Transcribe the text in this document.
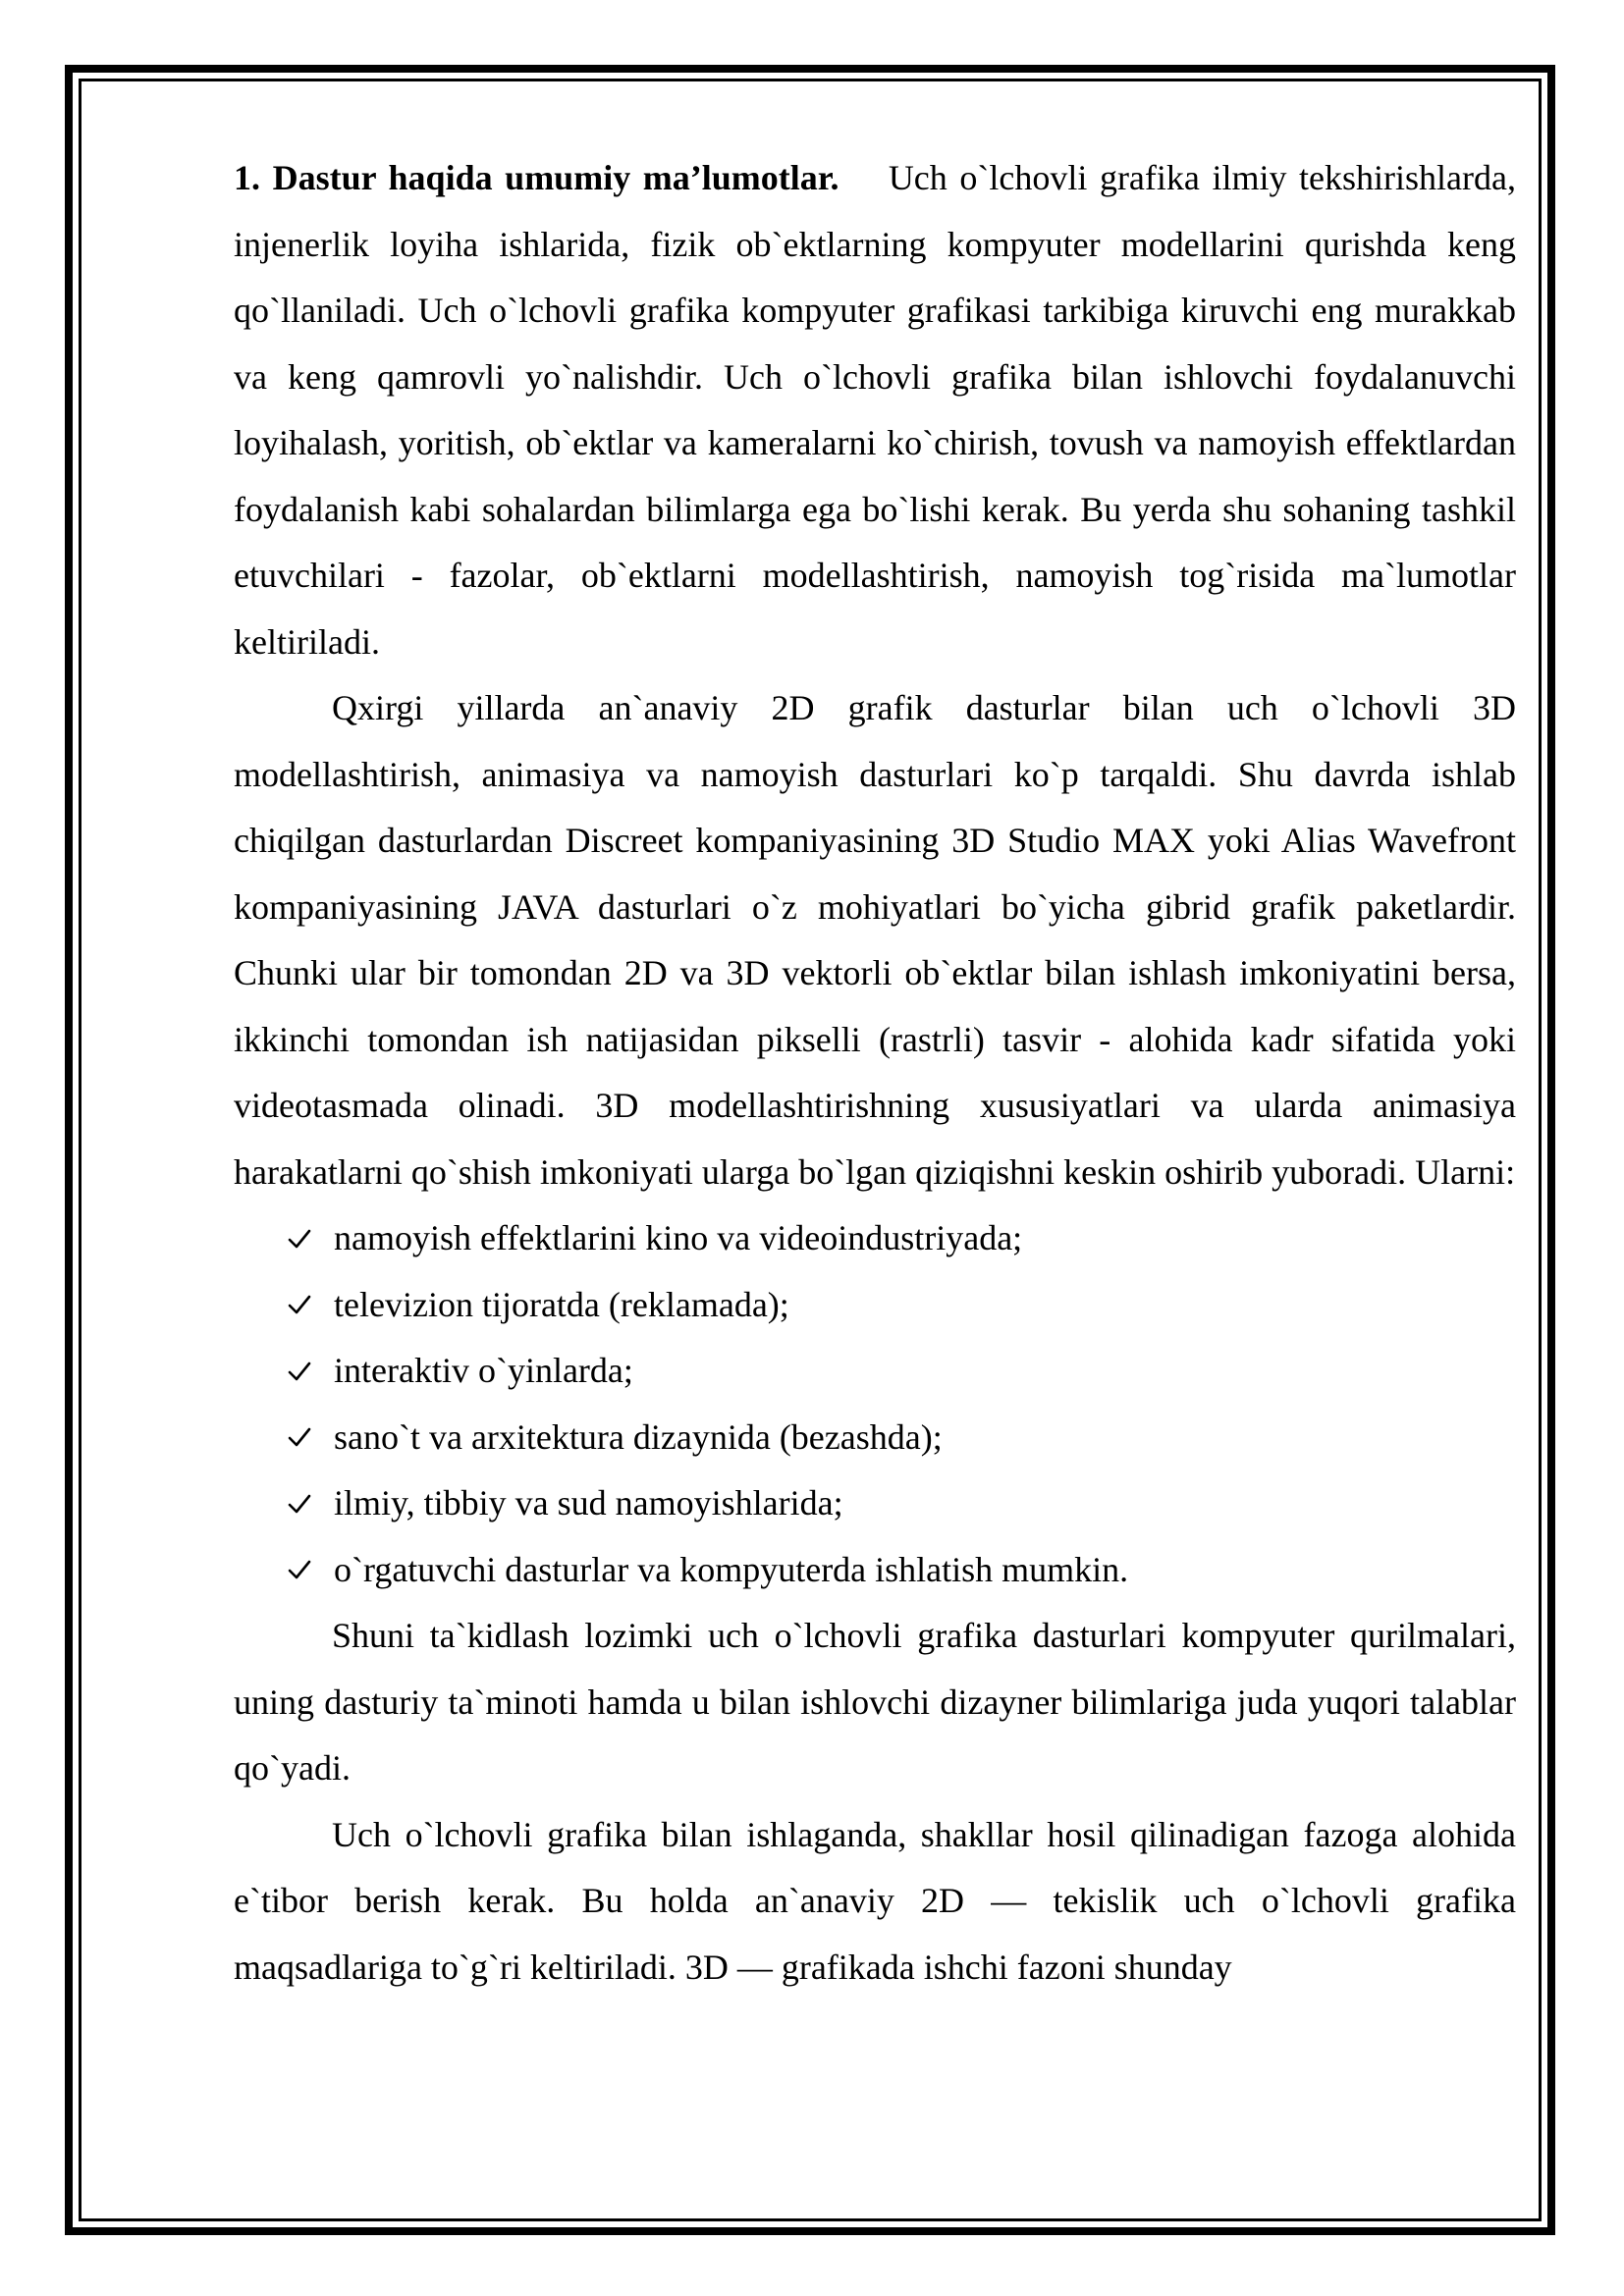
1. Dastur haqida umumiy ma’lumotlar. Uch o`lchovli grafika ilmiy tekshirishlarda, injenerlik loyiha ishlarida, fizik ob`ektlarning kompyuter modellarini qurishda keng qo`llaniladi. Uch o`lchovli grafika kompyuter grafikasi tarkibiga kiruvchi eng murakkab va keng qamrovli yo`nalishdir. Uch o`lchovli grafika bilan ishlovchi foydalanuvchi loyihalash, yoritish, ob`ektlar va kameralarni ko`chirish, tovush va namoyish effektlardan foydalanish kabi sohalardan bilimlarga ega bo`lishi kerak. Bu yerda shu sohaning tashkil etuvchilari - fazolar, ob`ektlarni modellashtirish, namoyish tog`risida ma`lumotlar keltiriladi.

Qxirgi yillarda an`anaviy 2D grafik dasturlar bilan uch o`lchovli 3D modellashtirish, animasiya va namoyish dasturlari ko`p tarqaldi. Shu davrda ishlab chiqilgan dasturlardan Discreet kompaniyasining 3D Studio MAX yoki Alias Wavefront kompaniyasining JAVA dasturlari o`z mohiyatlari bo`yicha gibrid grafik paketlardir. Chunki ular bir tomondan 2D va 3D vektorli ob`ektlar bilan ishlash imkoniyatini bersa, ikkinchi tomondan ish natijasidan pikselli (rastrli) tasvir - alohida kadr sifatida yoki videotasmada olinadi. 3D modellashtirishning xususiyatlari va ularda animasiya harakatlarni qo`shish imkoniyati ularga bo`lgan qiziqishni keskin oshirib yuboradi. Ularni:

namoyish effektlarini kino va videoindustriyada;
televizion tijoratda (reklamada);
interaktiv o`yinlarda;
sano`t va arxitektura dizaynida (bezashda);
ilmiy, tibbiy va sud namoyishlarida;
o`rgatuvchi dasturlar va kompyuterda ishlatish mumkin.

Shuni ta`kidlash lozimki uch o`lchovli grafika dasturlari kompyuter qurilmalari, uning dasturiy ta`minoti hamda u bilan ishlovchi dizayner bilimlariga juda yuqori talablar qo`yadi.

Uch o`lchovli grafika bilan ishlaganda, shakllar hosil qilinadigan fazoga alohida e`tibor berish kerak. Bu holda an`anaviy 2D — tekislik uch o`lchovli grafika maqsadlariga to`g`ri keltiriladi. 3D — grafikada ishchi fazoni shunday
